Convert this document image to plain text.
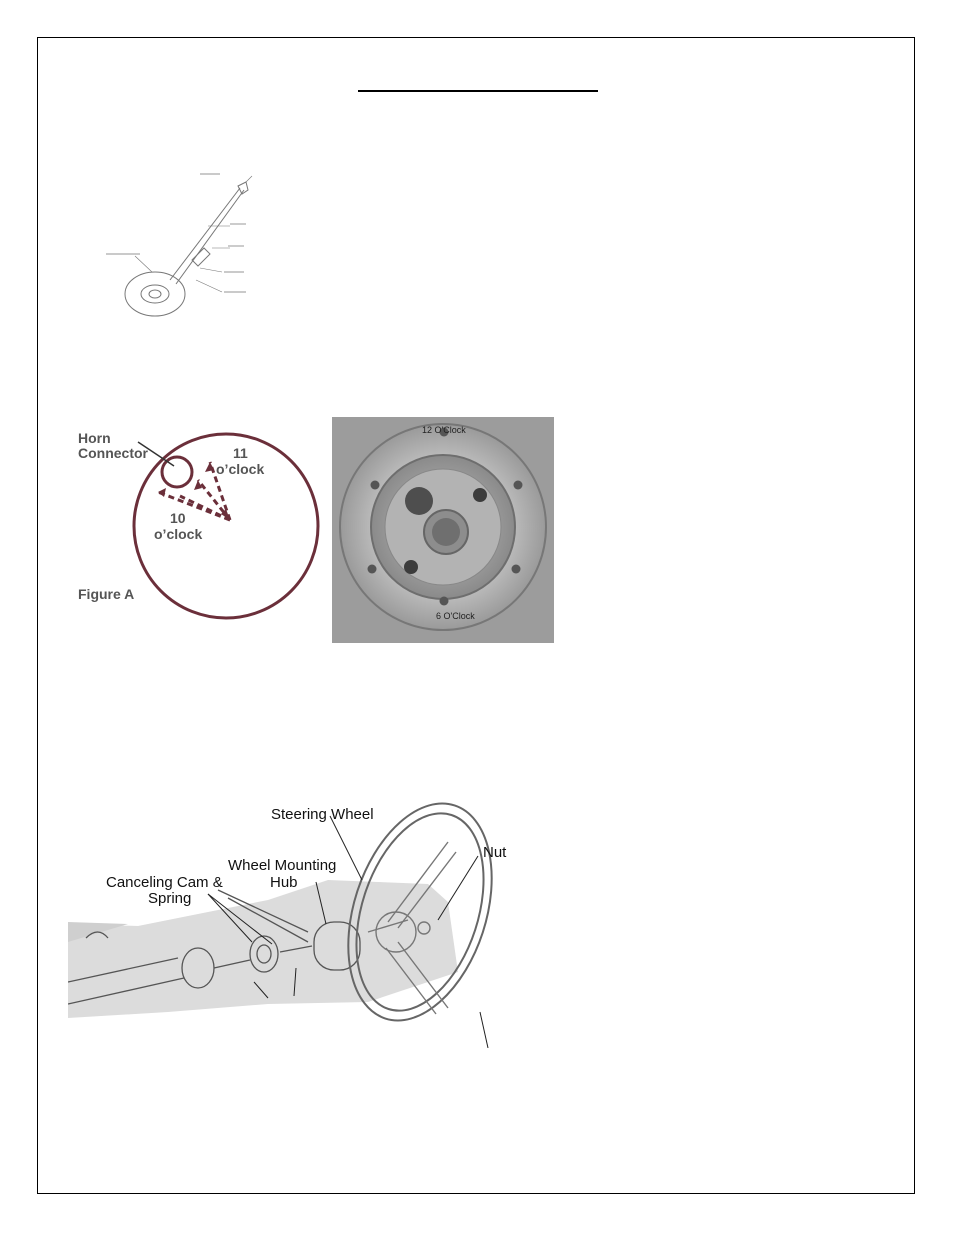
Horn
Connector	11
o’clock
10
o’clock
Figure A
12 O'Clock
6 O'Clock
Steering Wheel
Wheel Mounting
Hub
Canceling Cam &
Spring
Nut
